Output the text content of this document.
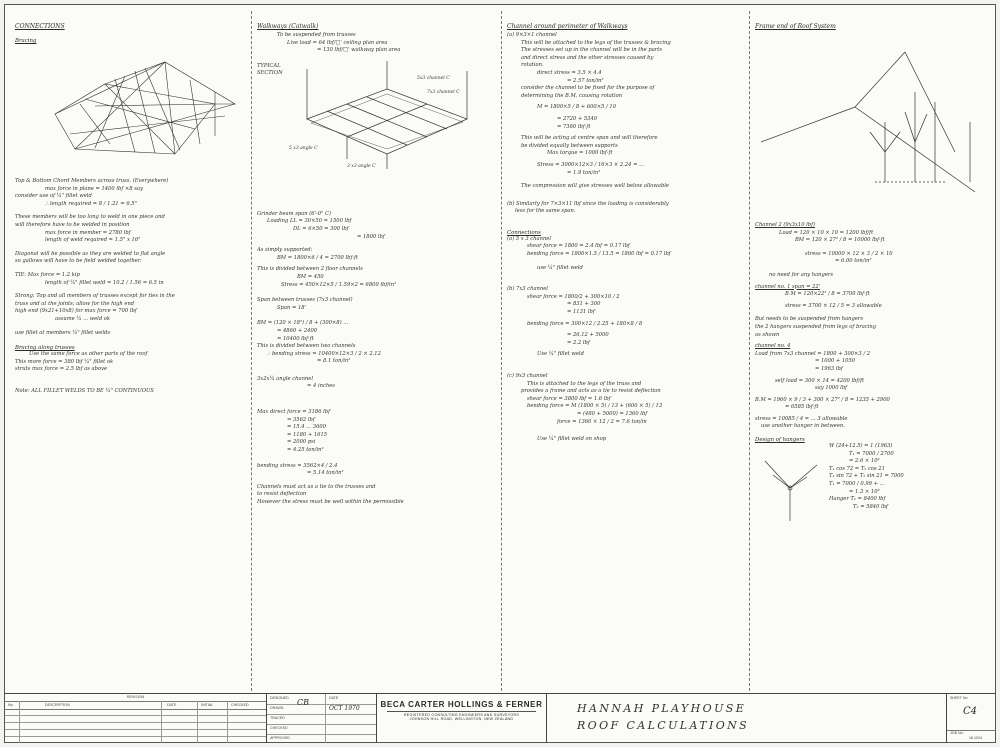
CONNECTIONS
Bracing
Top & Bottom Chord Members across truss. (Everywhere)
max force in plane = 1400 lbf ×8 say
consider use of ¼" fillet weld
∴ length required = 8 / 1.21 = 6.5"
These members will be too long to weld in one piece and
will therefore have to be welded in position
max force in member = 2780 lbf
length of weld required = 1.5" x 16"
Diagonal will be possible as they are welded to flat angle
so gallows will have to be field welded together.
TIE: Max force = 1.2 kip
length of ¼" fillet weld = 10.2 / 1.56 = 6.5 in
Strong: Top and all members of trusses except for ties in the
truss and at the joints; allow for the high end
high end (9x21+10x8) for max force = 700 lbf
assume ¼ ... weld ok
use fillet at members ¼" fillet welds
Bracing along trusses
Use the same force as other parts of the roof
This more force = 380 lbf ¼" fillet ok
struts max force = 2.5 lbf as above
Note: ALL FILLET WELDS TO BE ¼" CONTINUOUS
Walkways (Catwalk)
To be suspended from trusses
Live load = 64 lbf/□' ceiling plan area
= 130 lbf/□' walkway plan area
TYPICAL SECTION
5x3 channel C
7x3 channel C
5 x3 angle C
3 x3 angle C
Grinder beam span (6'-0" C)
Loading LL = 30×50 = 1500 lbf
DL = 6×50 = 300 lbf
= 1800 lbf
As simply supported:
BM = 1800×6 / 4 = 2700 lbf·ft
This is divided between 2 floor channels
BM = 450
Stress = 450×12×5 / 1.59×2 = 6800 lbf/in²
Span between trusses (7x3 channel)
Span = 18'
BM = (120 × 18²) / 8 + (300×8) ...
= 4860 + 2400
= 10400 lbf·ft
This is divided between two channels
∴ bending stress = 10400×12×3 / 2 × 2.12
= 8.1 ton/in²
3x2x¼ angle channel
= 4 inches
Max direct force = 3186 lbf
= 3562 lbf
= 15.4 ... 3600
= 1180 + 1615
= 2000 psi
= 4.25 ton/in²
bending stress = 3562×4 / 2.4
= 5.14 ton/in²
Channels must act as a tie to the trusses and
to resist deflection
However the stress must be well within the permissible
Channel around perimeter of Walkways
(a) 9×3×1 channel
This will be attached to the legs of the trusses & bracing
The stresses set up in the channel will be in the parts
and direct stress and the other stresses caused by
rotation.
direct stress = 3.5 × 4.4
= 2.57 ton/in²
consider the channel to be fixed for the purpose of
determining the B.M. causing rotation
M = 1800×5 / 8 + 600×5 / 10
= 2720 + 5340
= 7360 lbf·ft
This will be acting at centre span and will therefore
be divided equally between supports
Max torque = 1000 lbf·ft
Stress = 3000×12×3 / 16×3 × 2.24 = ...
= 1.9 ton/in²
The compression will give stresses well below allowable
(b) Similarly for 7×3×11 lbf since the loading is considerably
less for the same span.
Connections
(a) 5 x 3 channel
shear force = 1800 = 2.4 lbf = 0.17 lbf
bending force = 1800×1.5 / 13.5 = 1800 lbf = 0.17 lbf
use ¼" fillet weld
(b) 7x3 channel
shear force = 1800/2 + 300×10 / 2
= 831 + 300
= 1131 lbf
bending force = 300×12 / 2.25 + 180×8 / 8
= 26.12 + 5000
= 2.2 lbf
Use ¼" fillet weld
(c) 9x3 channel
This is attached to the legs of the truss and
provides a frame and acts as a tie to resist deflection
shear force = 3800 lbf = 1.6 lbf
bending force = M (1800 × 5) / 13 + (600 × 5) / 13
= (480 + 5000) = 1360 lbf
force = 1360 × 12 / 2 = 7.6 ton/in
Use ¼" fillet weld on shop
Frame end of Roof System
Channel 2 (9x3x10 lbf)
Load = 120 × 10 × 10 = 1200 lbf/ft
BM = 120 × 27² / 8 = 10000 lbf·ft
stress = 10000 × 12 × 3 / 2 × 10
= 6.00 ton/in²
no need for any hangers
channel no. 1 span = 22'
B.M = 120×22² / 8 = 3700 lbf·ft
stress = 3700 × 12 / 5 = 3 allowable
But needs to be suspended from hangers
the 2 hangers suspended from legs of bracing
as shown
channel no. 4
Load from 7x3 channel = 1800 + 300×3 / 2
= 1000 + 1050
= 1963 lbf
self load = 300 × 14 = 4200 lbf/ft
say 1000 lbf
B.M = 1960 × 9 / 3 + 300 × 27² / 8 = 1235 + 2900
= 6585 lbf·ft
stress = 10085 / 4 = ... 3 allowable
use another hanger in between.
Design of hangers
W (24+12.5) = 1 (1963)
T₁ = 7000 / 2700
= 2.6 × 10³
T₁ cos 72 = T₂ cos 21
T₁ sin 72 + T₂ sin 21 = 7000
T₁ = 7000 / 0.99 + ...
= 1.3 × 10³
Hanger T₁ = 8400 lbf
T₂ = 5840 lbf
REVISION
No.	DESCRIPTION	DATE	INITIAL	CHECKED
DESIGNED
DRAWN
TRACED
CHECKED
APPROVED
CB	DATE
OCT 1970	BECA CARTER HOLLINGS & FERNER
REGISTERED CONSULTING ENGINEERS AND SURVEYORS
JOHNSON HILL ROAD, WELLINGTON, NEW ZEALAND
HANNAH PLAYHOUSE
ROOF CALCULATIONS
SHEET No.
C4
JOB No.
18.1024
